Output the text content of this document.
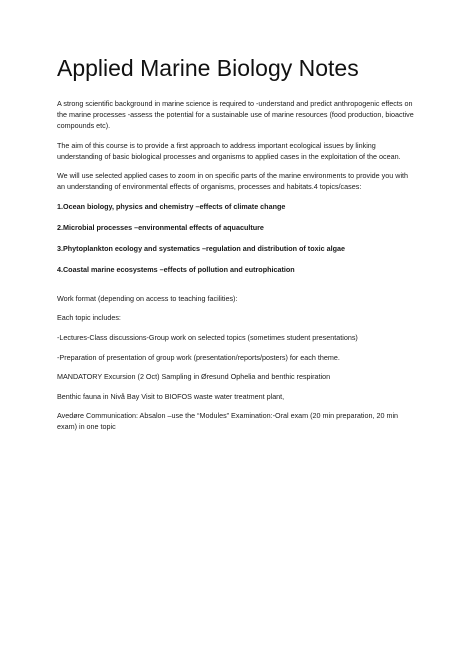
Applied Marine Biology Notes

A strong scientific background in marine science is required to -understand and predict anthropogenic effects on the marine processes -assess the potential for a sustainable use of marine resources (food production, bioactive compounds etc).

The aim of this course is to provide a first approach to address important ecological issues by linking understanding of basic biological processes and organisms to applied cases in the exploitation of the ocean.

We will use selected applied cases to zoom in on specific parts of the marine environments to provide you with an understanding of environmental effects of organisms, processes and habitats.4 topics/cases:

1.Ocean biology, physics and chemistry –effects of climate change

2.Microbial processes –environmental effects of aquaculture

3.Phytoplankton ecology and systematics –regulation and distribution of toxic algae

4.Coastal marine ecosystems –effects of pollution and eutrophication

Work format (depending on access to teaching facilities):

Each topic includes:

-Lectures-Class discussions-Group work on selected topics (sometimes student presentations)

-Preparation of presentation of group work (presentation/reports/posters) for each theme.

MANDATORY Excursion (2 Oct) Sampling in Øresund Ophelia and benthic respiration

Benthic fauna in Nivå Bay Visit to BIOFOS waste water treatment plant,

Avedøre Communication: Absalon –use the “Modules” Examination:-Oral exam (20 min preparation, 20 min exam) in one topic
